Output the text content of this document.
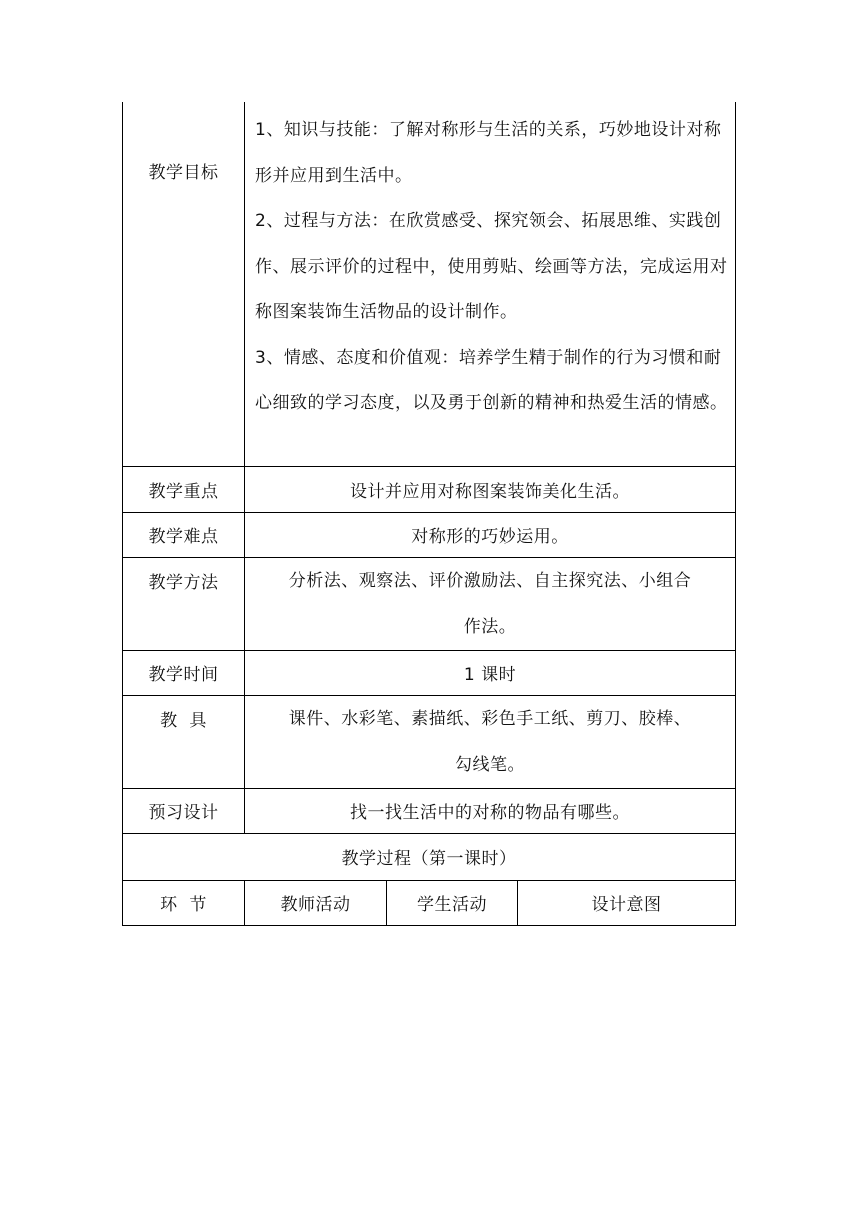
教学目标	1、知识与技能：了解对称形与生活的关系，巧妙地设计对称形并应用到生活中。

2、过程与方法：在欣赏感受、探究领会、拓展思维、实践创作、展示评价的过程中，使用剪贴、绘画等方法，完成运用对称图案装饰生活物品的设计制作。

3、情感、态度和价值观：培养学生精于制作的行为习惯和耐心细致的学习态度，以及勇于创新的精神和热爱生活的情感。		

教学重点	设计并应用对称图案装饰美化生活。		
教学难点	对称形的巧妙运用。		
教学方法	分析法、观察法、评价激励法、自主探究法、小组合
作法。		

教学时间	1 课时		
教  具	课件、水彩笔、素描纸、彩色手工纸、剪刀、胶棒、
勾线笔。		

预习设计	找一找生活中的对称的物品有哪些。		
教学过程（第一课时）			
环  节	教师活动	学生活动	设计意图
